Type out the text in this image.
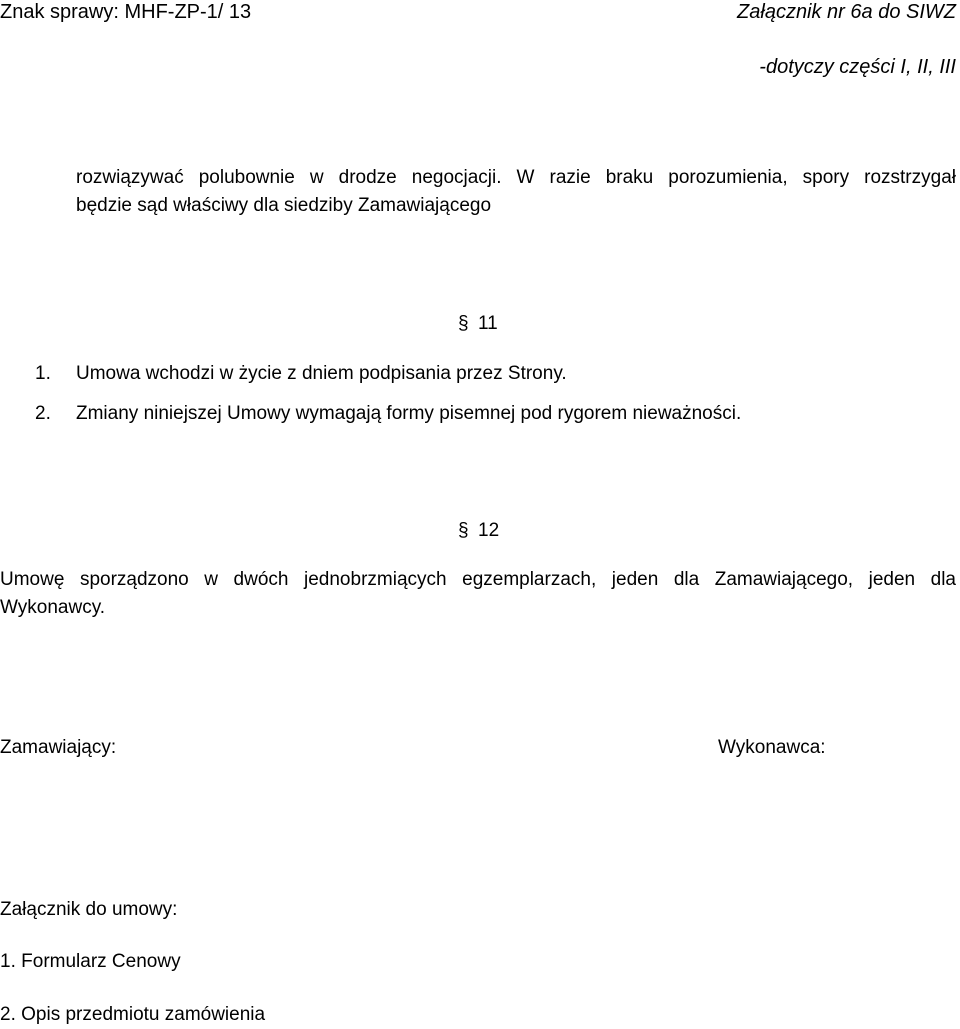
Znak sprawy: MHF-ZP-1/ 13	Załącznik nr 6a do SIWZ
-dotyczy części I, II, III
rozwiązywać polubownie w drodze negocjacji. W razie braku porozumienia, spory rozstrzygał
będzie sąd właściwy dla siedziby Zamawiającego
§ 11
1. Umowa wchodzi w życie z dniem podpisania przez Strony.
2. Zmiany niniejszej Umowy wymagają formy pisemnej pod rygorem nieważności.
§ 12
Umowę sporządzono w dwóch jednobrzmiących egzemplarzach, jeden dla Zamawiającego, jeden dla
Wykonawcy.
Zamawiający:	Wykonawca:
Załącznik do umowy:
1. Formularz Cenowy
2. Opis przedmiotu zamówienia
